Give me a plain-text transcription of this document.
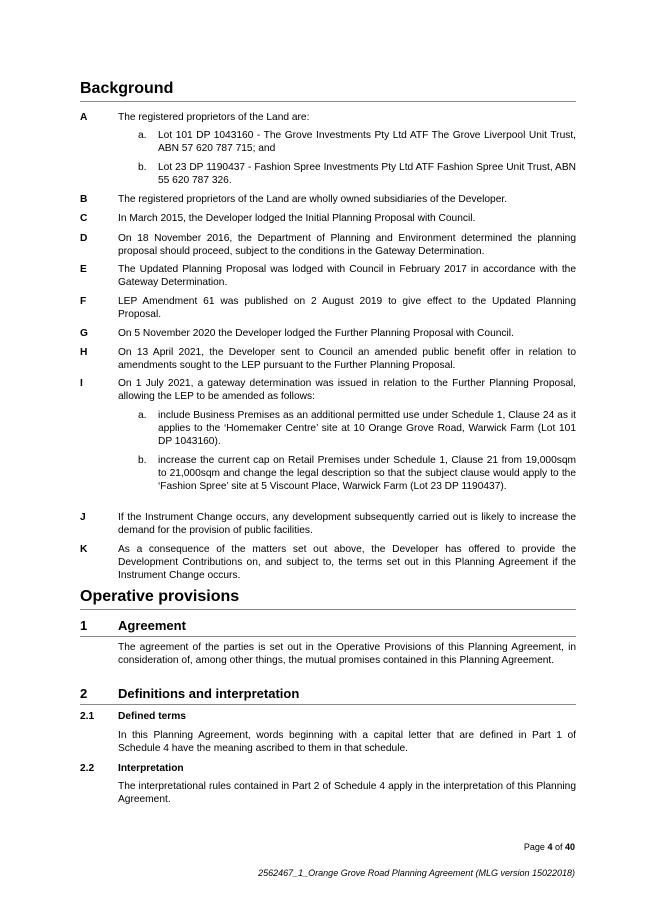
Background
A	The registered proprietors of the Land are:
a. Lot 101 DP 1043160 - The Grove Investments Pty Ltd ATF The Grove Liverpool Unit Trust, ABN 57 620 787 715; and
b. Lot 23 DP 1190437 - Fashion Spree Investments Pty Ltd ATF Fashion Spree Unit Trust, ABN 55 620 787 326.
B	The registered proprietors of the Land are wholly owned subsidiaries of the Developer.
C	In March 2015, the Developer lodged the Initial Planning Proposal with Council.
D	On 18 November 2016, the Department of Planning and Environment determined the planning proposal should proceed, subject to the conditions in the Gateway Determination.
E	The Updated Planning Proposal was lodged with Council in February 2017 in accordance with the Gateway Determination.
F	LEP Amendment 61 was published on 2 August 2019 to give effect to the Updated Planning Proposal.
G	On 5 November 2020 the Developer lodged the Further Planning Proposal with Council.
H	On 13 April 2021, the Developer sent to Council an amended public benefit offer in relation to amendments sought to the LEP pursuant to the Further Planning Proposal.
I	On 1 July 2021, a gateway determination was issued in relation to the Further Planning Proposal, allowing the LEP to be amended as follows:
a. include Business Premises as an additional permitted use under Schedule 1, Clause 24 as it applies to the ‘Homemaker Centre’ site at 10 Orange Grove Road, Warwick Farm (Lot 101 DP 1043160).
b. increase the current cap on Retail Premises under Schedule 1, Clause 21 from 19,000sqm to 21,000sqm and change the legal description so that the subject clause would apply to the ‘Fashion Spree’ site at 5 Viscount Place, Warwick Farm (Lot 23 DP 1190437).
J	If the Instrument Change occurs, any development subsequently carried out is likely to increase the demand for the provision of public facilities.
K	As a consequence of the matters set out above, the Developer has offered to provide the Development Contributions on, and subject to, the terms set out in this Planning Agreement if the Instrument Change occurs.
Operative provisions
1 Agreement
The agreement of the parties is set out in the Operative Provisions of this Planning Agreement, in consideration of, among other things, the mutual promises contained in this Planning Agreement.
2 Definitions and interpretation
2.1 Defined terms
In this Planning Agreement, words beginning with a capital letter that are defined in Part 1 of Schedule 4 have the meaning ascribed to them in that schedule.
2.2 Interpretation
The interpretational rules contained in Part 2 of Schedule 4 apply in the interpretation of this Planning Agreement.
Page 4 of 40
2562467_1_Orange Grove Road Planning Agreement (MLG version 15022018)
